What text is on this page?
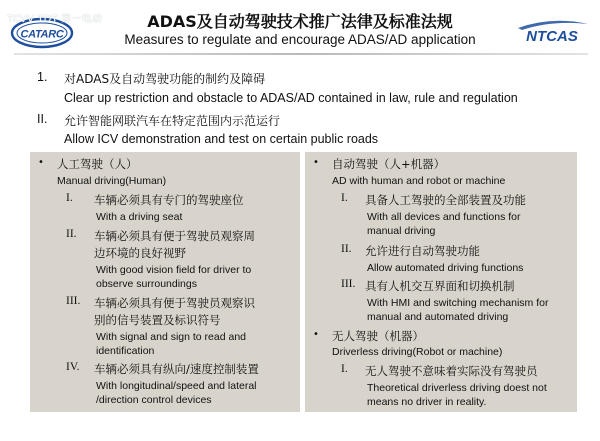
CATARC
TCVV TDT 第一电动	ADAS及自动驾驶技术推广法律及标准法规
Measures to regulate and encourage ADAS/AD application	NTCAS
1. 对ADAS及自动驾驶功能的制约及障碍
Clear up restriction and obstacle to ADAS/AD contained in law, rule and regulation
II. 允许智能网联汽车在特定范围内示范运行
Allow ICV demonstration and test on certain public roads
• 人工驾驶（人）
Manual driving(Human)
I. 车辆必须具有专门的驾驶座位
With a driving seat
II. 车辆必须具有便于驾驶员观察周
边环境的良好视野
With good vision field for driver to
observe surroundings
III. 车辆必须具有便于驾驶员观察识
别的信号装置及标识符号
With signal and sign to read and
identification
IV. 车辆必须具有纵向/速度控制装置
With longitudinal/speed and lateral
/direction control devices
• 自动驾驶（人+机器）
AD with human and robot or machine
I. 具备人工驾驶的全部装置及功能
With all devices and functions for
manual driving
II. 允许进行自动驾驶功能
Allow automated driving functions
III. 具有人机交互界面和切换机制
With HMI and switching mechanism for
manual and automated driving
• 无人驾驶（机器）
Driverless driving(Robot or machine)
I. 无人驾驶不意味着实际没有驾驶员
Theoretical driverless driving doest not
means no driver in reality.
